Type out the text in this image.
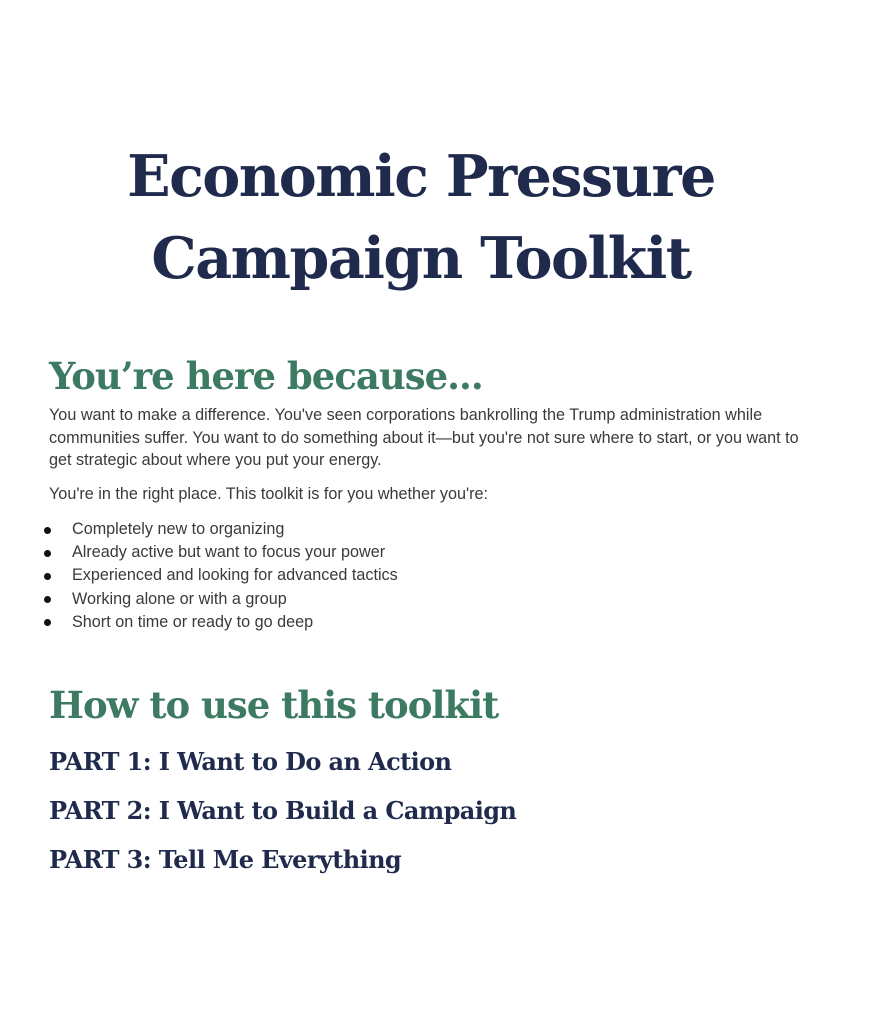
Economic Pressure
Campaign Toolkit
You’re here because...

You want to make a difference. You've seen corporations bankrolling the Trump administration while communities suffer. You want to do something about it—but you're not sure where to start, or you want to get strategic about where you put your energy.

You're in the right place. This toolkit is for you whether you're:

Completely new to organizing
Already active but want to focus your power
Experienced and looking for advanced tactics
Working alone or with a group
Short on time or ready to go deep
How to use this toolkit
PART 1: I Want to Do an Action
PART 2: I Want to Build a Campaign
PART 3: Tell Me Everything
